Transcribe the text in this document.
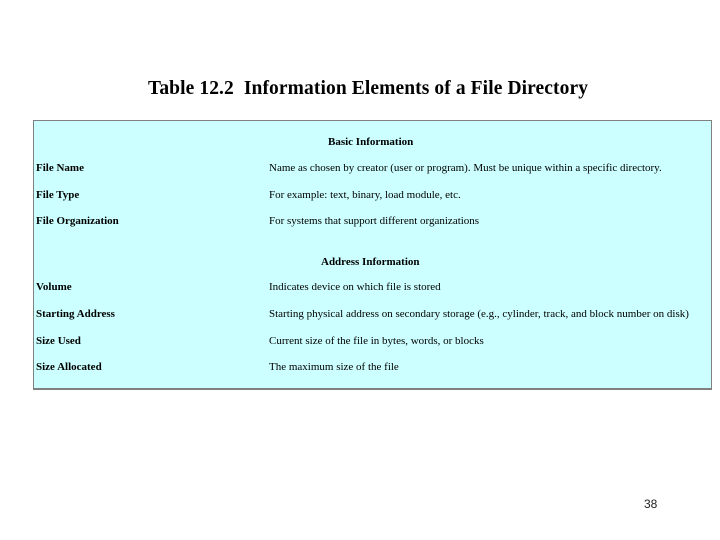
Table 12.2  Information Elements of a File Directory
Basic Information
File Name	Name as chosen by creator (user or program). Must be unique within a specific directory.
File Type	For example: text, binary, load module, etc.
File Organization	For systems that support different organizations
Address Information
Volume	Indicates device on which file is stored
Starting Address	Starting physical address on secondary storage (e.g., cylinder, track, and block number on disk)
Size Used	Current size of the file in bytes, words, or blocks
Size Allocated	The maximum size of the file
38
